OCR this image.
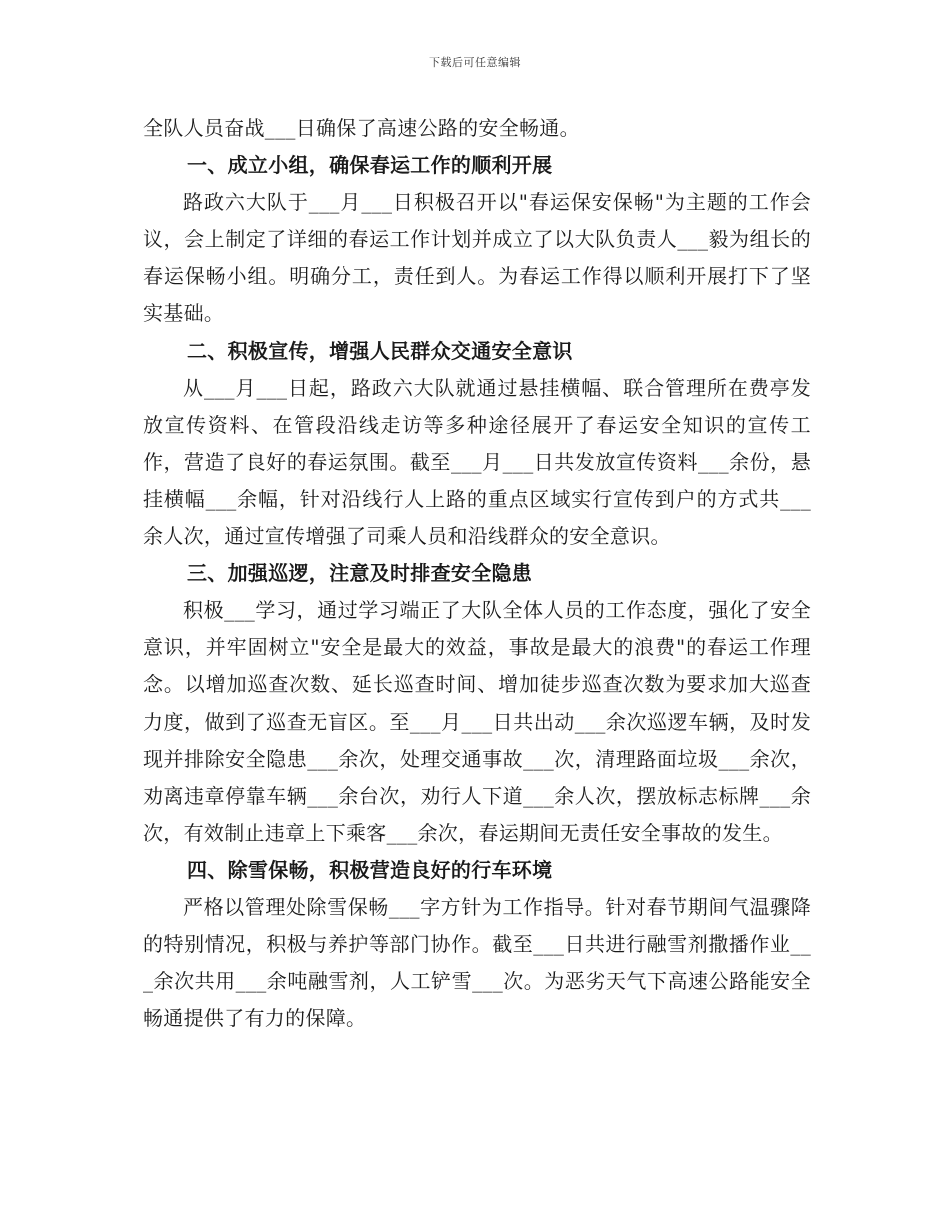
下载后可任意编辑

全队人员奋战___日确保了高速公路的安全畅通。

一、成立小组，确保春运工作的顺利开展

路政六大队于___月___日积极召开以"春运保安保畅"为主题的工作会议，会上制定了详细的春运工作计划并成立了以大队负责人___毅为组长的春运保畅小组。明确分工，责任到人。为春运工作得以顺利开展打下了坚实基础。

二、积极宣传，增强人民群众交通安全意识

从___月___日起，路政六大队就通过悬挂横幅、联合管理所在费亭发放宣传资料、在管段沿线走访等多种途径展开了春运安全知识的宣传工作，营造了良好的春运氛围。截至___月___日共发放宣传资料___余份，悬挂横幅___余幅，针对沿线行人上路的重点区域实行宣传到户的方式共___余人次，通过宣传增强了司乘人员和沿线群众的安全意识。

三、加强巡逻，注意及时排查安全隐患

积极___学习，通过学习端正了大队全体人员的工作态度，强化了安全意识，并牢固树立"安全是最大的效益，事故是最大的浪费"的春运工作理念。以增加巡查次数、延长巡查时间、增加徒步巡查次数为要求加大巡查力度，做到了巡查无盲区。至___月___日共出动___余次巡逻车辆，及时发现并排除安全隐患___余次，处理交通事故___次，清理路面垃圾___余次，劝离违章停靠车辆___余台次，劝行人下道___余人次，摆放标志标牌___余次，有效制止违章上下乘客___余次，春运期间无责任安全事故的发生。

四、除雪保畅，积极营造良好的行车环境

严格以管理处除雪保畅___字方针为工作指导。针对春节期间气温骤降的特别情况，积极与养护等部门协作。截至___日共进行融雪剂撒播作业___余次共用___余吨融雪剂，人工铲雪___次。为恶劣天气下高速公路能安全畅通提供了有力的保障。
